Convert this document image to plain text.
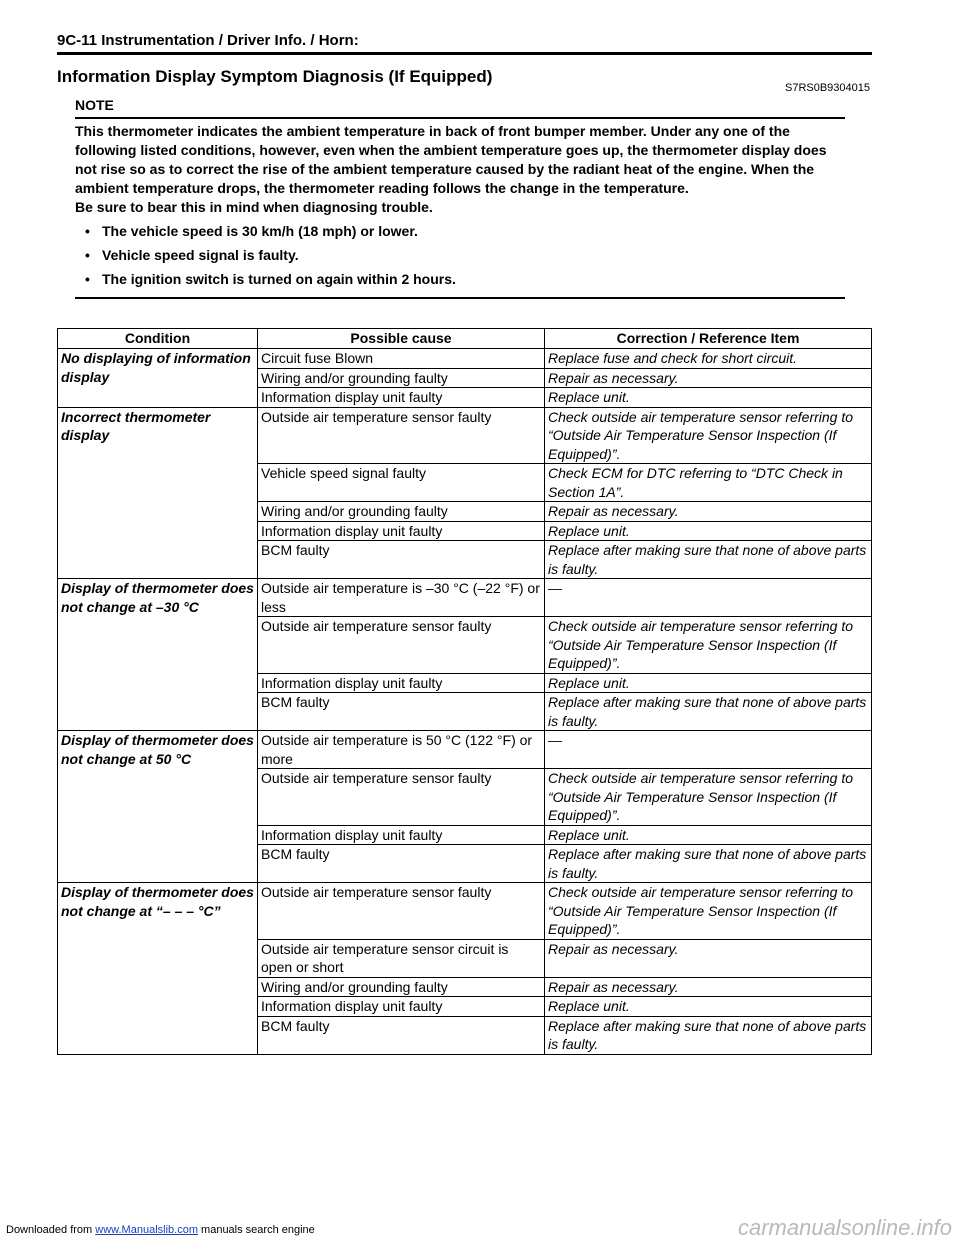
9C-11 Instrumentation / Driver Info. / Horn:
Information Display Symptom Diagnosis (If Equipped)
S7RS0B9304015
NOTE

This thermometer indicates the ambient temperature in back of front bumper member. Under any one of the following listed conditions, however, even when the ambient temperature goes up, the thermometer display does not rise so as to correct the rise of the ambient temperature caused by the radiant heat of the engine. When the ambient temperature drops, the thermometer reading follows the change in the temperature.

Be sure to bear this in mind when diagnosing trouble.

• The vehicle speed is 30 km/h (18 mph) or lower.
• Vehicle speed signal is faulty.
• The ignition switch is turned on again within 2 hours.
Condition	Possible cause	Correction / Reference Item
No displaying of information display	Circuit fuse Blown	Replace fuse and check for short circuit.
	Wiring and/or grounding faulty	Repair as necessary.
	Information display unit faulty	Replace unit.
Incorrect thermometer display	Outside air temperature sensor faulty	Check outside air temperature sensor referring to “Outside Air Temperature Sensor Inspection (If Equipped)”.
	Vehicle speed signal faulty	Check ECM for DTC referring to “DTC Check in Section 1A”.
	Wiring and/or grounding faulty	Repair as necessary.
	Information display unit faulty	Replace unit.
	BCM faulty	Replace after making sure that none of above parts is faulty.
Display of thermometer does not change at –30 °C	Outside air temperature is –30 °C (–22 °F) or less	—
	Outside air temperature sensor faulty	Check outside air temperature sensor referring to “Outside Air Temperature Sensor Inspection (If Equipped)”.
	Information display unit faulty	Replace unit.
	BCM faulty	Replace after making sure that none of above parts is faulty.
Display of thermometer does not change at 50 °C	Outside air temperature is 50 °C (122 °F) or more	—
	Outside air temperature sensor faulty	Check outside air temperature sensor referring to “Outside Air Temperature Sensor Inspection (If Equipped)”.
	Information display unit faulty	Replace unit.
	BCM faulty	Replace after making sure that none of above parts is faulty.
Display of thermometer does not change at “– – – °C”	Outside air temperature sensor faulty	Check outside air temperature sensor referring to “Outside Air Temperature Sensor Inspection (If Equipped)”.
	Outside air temperature sensor circuit is open or short	Repair as necessary.
	Wiring and/or grounding faulty	Repair as necessary.
	Information display unit faulty	Replace unit.
	BCM faulty	Replace after making sure that none of above parts is faulty.
Downloaded from www.Manualslib.com manuals search engine	carmanualsonline.info
